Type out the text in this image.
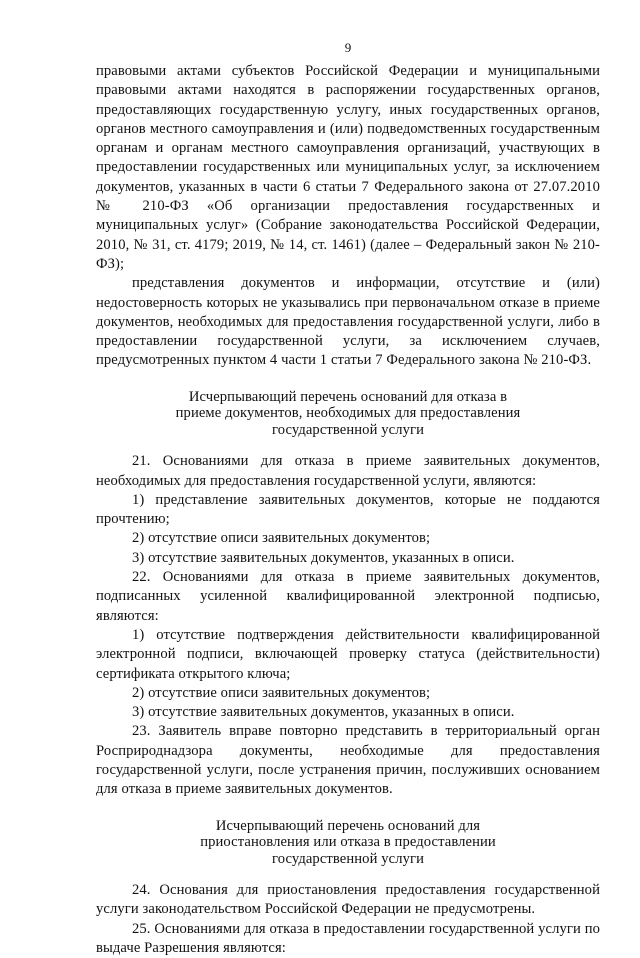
9

правовыми актами субъектов Российской Федерации и муниципальными правовыми актами находятся в распоряжении государственных органов, предоставляющих государственную услугу, иных государственных органов, органов местного самоуправления и (или) подведомственных государственным органам и органам местного самоуправления организаций, участвующих в предоставлении государственных или муниципальных услуг, за исключением документов, указанных в части 6 статьи 7 Федерального закона от 27.07.2010 № 210-ФЗ «Об организации предоставления государственных и муниципальных услуг» (Собрание законодательства Российской Федерации, 2010, № 31, ст. 4179; 2019, № 14, ст. 1461) (далее – Федеральный закон № 210-ФЗ);

представления документов и информации, отсутствие и (или) недостоверность которых не указывались при первоначальном отказе в приеме документов, необходимых для предоставления государственной услуги, либо в предоставлении государственной услуги, за исключением случаев, предусмотренных пунктом 4 части 1 статьи 7 Федерального закона № 210-ФЗ.

Исчерпывающий перечень оснований для отказа в приеме документов, необходимых для предоставления государственной услуги

21. Основаниями для отказа в приеме заявительных документов, необходимых для предоставления государственной услуги, являются:

1) представление заявительных документов, которые не поддаются прочтению;

2) отсутствие описи заявительных документов;

3) отсутствие заявительных документов, указанных в описи.

22. Основаниями для отказа в приеме заявительных документов, подписанных усиленной квалифицированной электронной подписью, являются:

1) отсутствие подтверждения действительности квалифицированной электронной подписи, включающей проверку статуса (действительности) сертификата открытого ключа;

2) отсутствие описи заявительных документов;

3) отсутствие заявительных документов, указанных в описи.

23. Заявитель вправе повторно представить в территориальный орган Росприроднадзора документы, необходимые для предоставления государственной услуги, после устранения причин, послуживших основанием для отказа в приеме заявительных документов.

Исчерпывающий перечень оснований для приостановления или отказа в предоставлении государственной услуги

24. Основания для приостановления предоставления государственной услуги законодательством Российской Федерации не предусмотрены.

25. Основаниями для отказа в предоставлении государственной услуги по выдаче Разрешения являются:
